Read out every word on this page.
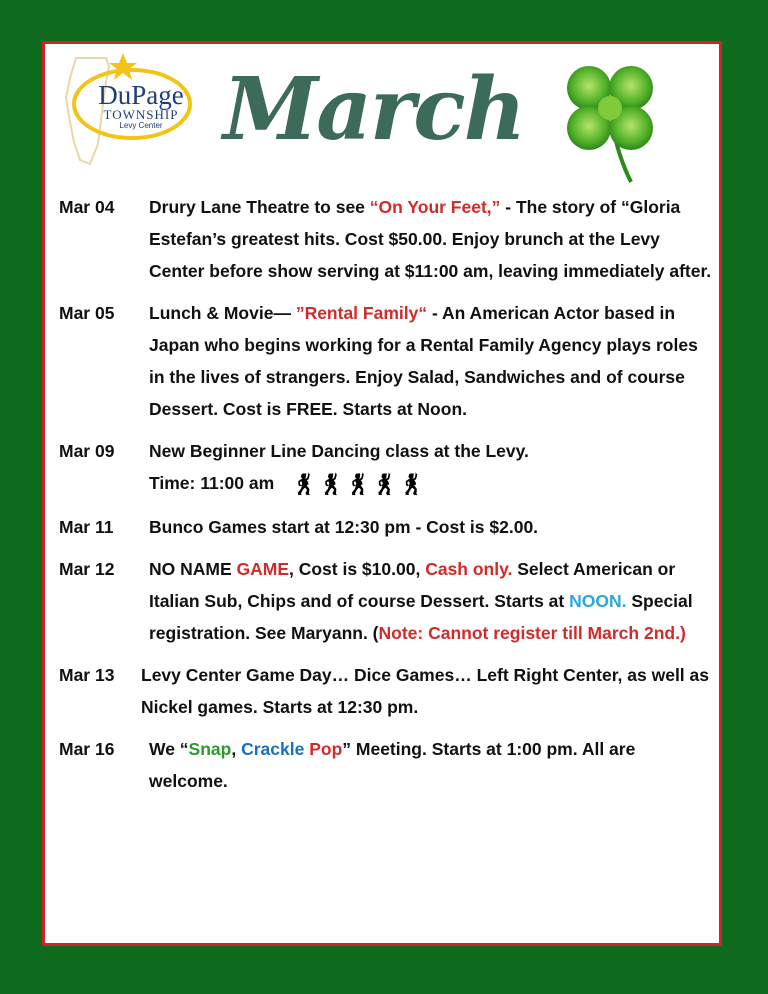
DuPage
TOWNSHIP
Levy Center March
Mar 04 Drury Lane Theatre to see “On Your Feet,” - The story of “Gloria Estefan’s greatest hits. Cost $50.00. Enjoy brunch at the Levy Center before show serving at $11:00 am, leaving immediately after.
Mar 05 Lunch & Movie— ”Rental Family“ - An American Actor based in Japan who begins working for a Rental Family Agency plays roles in the lives of strangers. Enjoy Salad, Sandwiches and of course Dessert. Cost is FREE. Starts at Noon.
Mar 09 New Beginner Line Dancing class at the Levy.
Time: 11:00 am 🕺🕺🕺🕺🕺
Mar 11 Bunco Games start at 12:30 pm - Cost is $2.00.
Mar 12 NO NAME GAME, Cost is $10.00, Cash only. Select American or Italian Sub, Chips and of course Dessert. Starts at NOON. Special registration. See Maryann. (Note: Cannot register till March 2nd.)
Mar 13 Levy Center Game Day… Dice Games… Left Right Center, as well as Nickel games. Starts at 12:30 pm.
Mar 16 We “Snap, Crackle Pop” Meeting. Starts at 1:00 pm. All are welcome.
